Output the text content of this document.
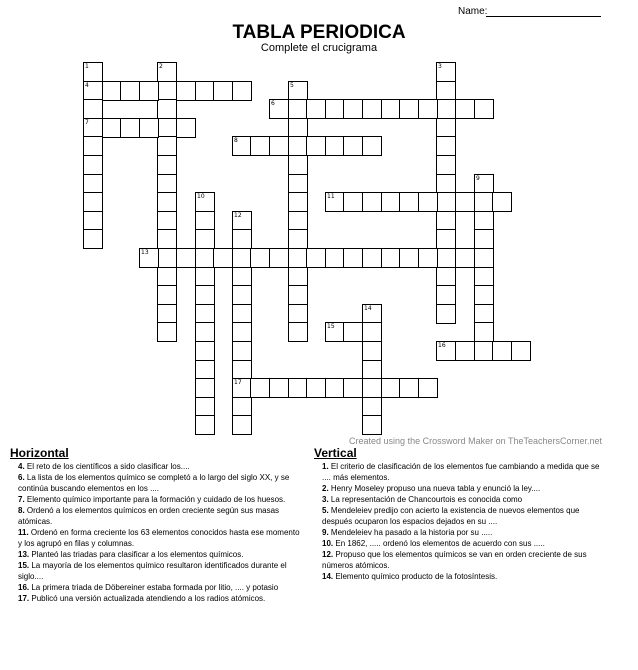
Name:
TABLA PERIODICA
Complete el crucigrama
1
4
7
2	3
5
6
8
9
10	11
12
17
13
14
15
16
Created using the Crossword Maker on TheTeachersCorner.net
Horizontal
4. El reto de los científicos a sido clasificar los....
6. La lista de los elementos químico se completó a lo largo del siglo XX, y se continúa buscando elementos en los ....
7. Elemento químico importante para la formación y cuidado de los huesos.
8. Ordenó a los elementos químicos en orden creciente según sus masas atómicas.
11. Ordenó en forma creciente los 63 elementos conocidos hasta ese momento y los agrupó en filas y columnas.
13. Planteó las triadas para clasificar a los elementos químicos.
15. La mayoría de los elementos químico resultaron identificados durante el siglo....
16. La primera triada de Döbereiner estaba formada por litio, .... y potasio
17. Publicó una versión actualizada atendiendo a los radios atómicos.
Vertical
1. El criterio de clasificación de los elementos fue cambiando a medida que se .... más elementos.
2. Henry Moseley propuso una nueva tabla y enunció la ley....
3. La representación de Chancourtois es conocida como
5. Mendeleiev predijo con acierto la existencia de nuevos elementos que después ocuparon los espacios dejados en su ....
9. Mendeleiev ha pasado a la historia por su .....
10. En 1862, ..... ordenó los elementos de acuerdo con sus .....
12. Propuso que los elementos químicos se van en orden creciente de sus números atómicos.
14. Elemento químico producto de la fotosíntesis.
